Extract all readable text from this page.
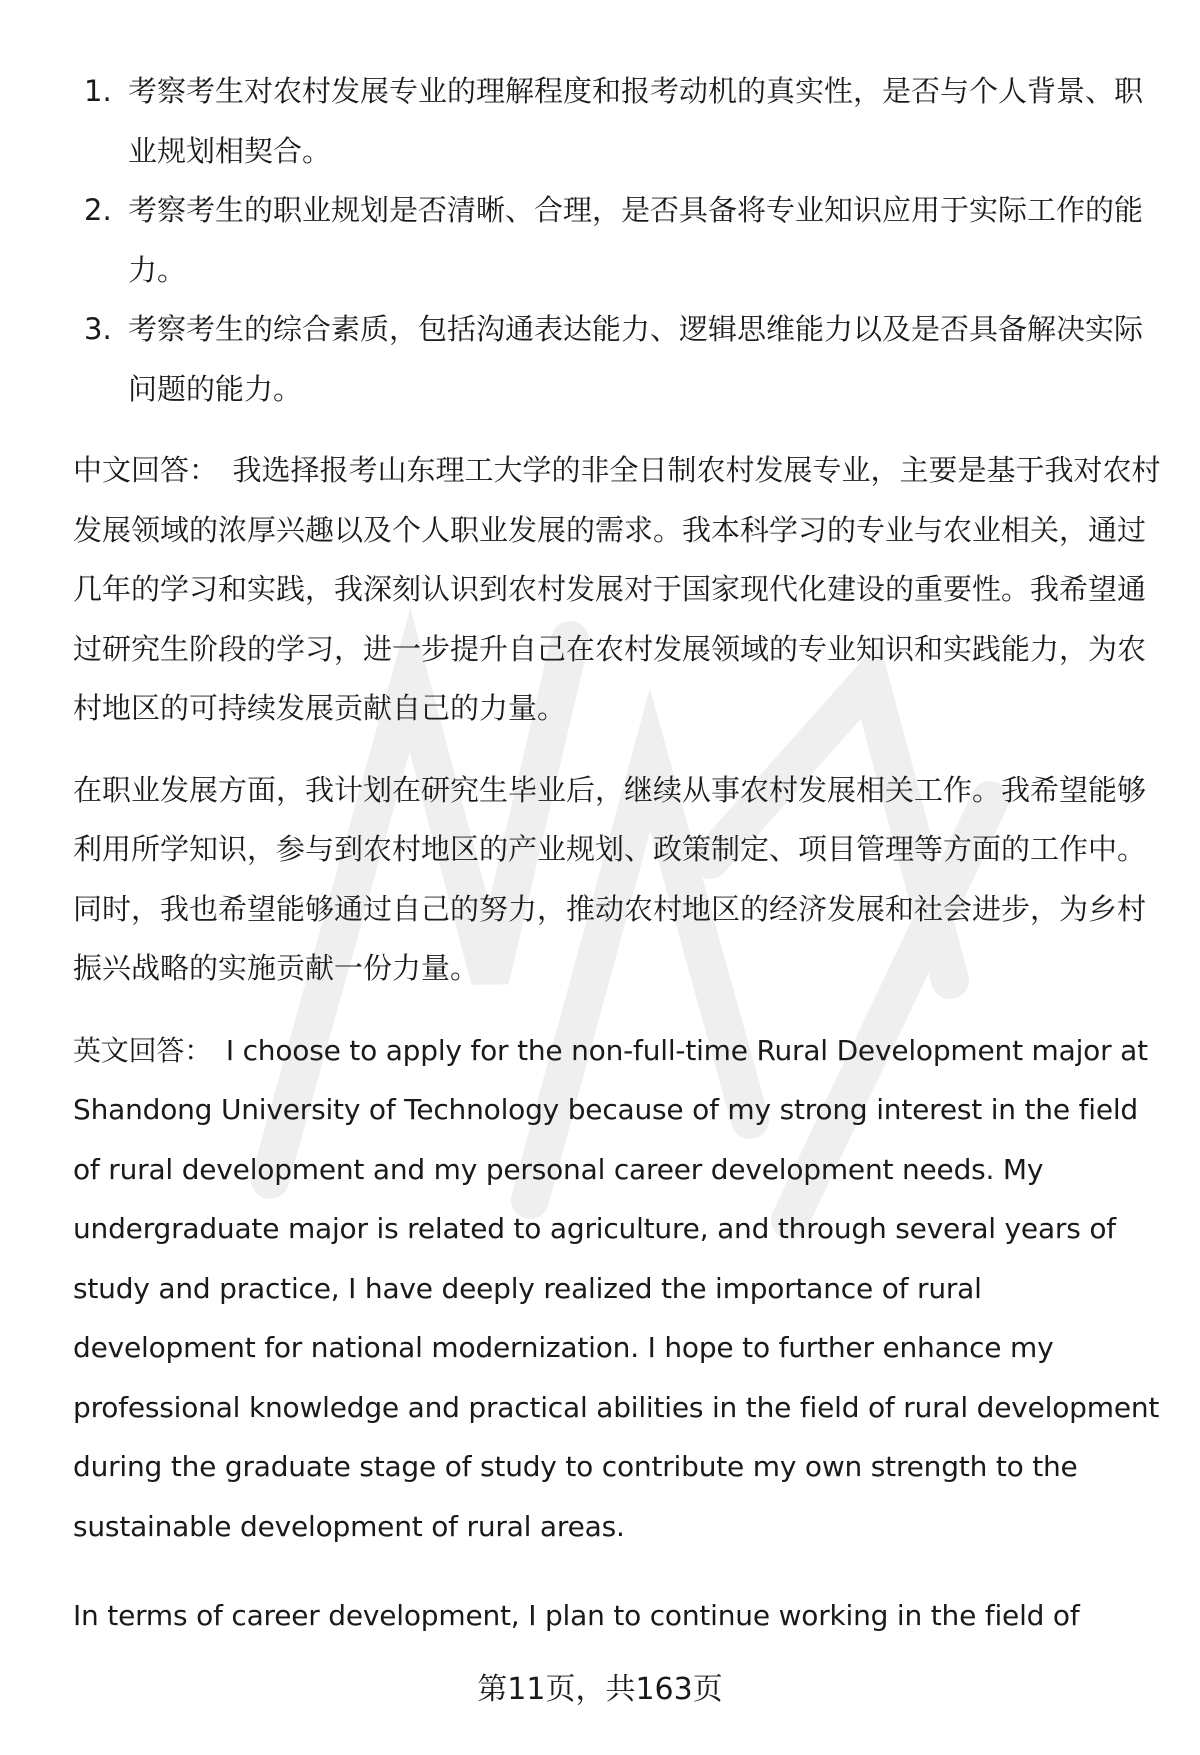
1. 考察考生对农村发展专业的理解程度和报考动机的真实性，是否与个人背景、职业规划相契合。
2. 考察考生的职业规划是否清晰、合理，是否具备将专业知识应用于实际工作的能力。
3. 考察考生的综合素质，包括沟通表达能力、逻辑思维能力以及是否具备解决实际问题的能力。

中文回答：  我选择报考山东理工大学的非全日制农村发展专业，主要是基于我对农村发展领域的浓厚兴趣以及个人职业发展的需求。我本科学习的专业与农业相关，通过几年的学习和实践，我深刻认识到农村发展对于国家现代化建设的重要性。我希望通过研究生阶段的学习，进一步提升自己在农村发展领域的专业知识和实践能力，为农村地区的可持续发展贡献自己的力量。

在职业发展方面，我计划在研究生毕业后，继续从事农村发展相关工作。我希望能够利用所学知识，参与到农村地区的产业规划、政策制定、项目管理等方面的工作中。同时，我也希望能够通过自己的努力，推动农村地区的经济发展和社会进步，为乡村振兴战略的实施贡献一份力量。

英文回答：  I choose to apply for the non-full-time Rural Development major at Shandong University of Technology because of my strong interest in the field of rural development and my personal career development needs. My undergraduate major is related to agriculture, and through several years of study and practice, I have deeply realized the importance of rural development for national modernization. I hope to further enhance my professional knowledge and practical abilities in the field of rural development during the graduate stage of study to contribute my own strength to the sustainable development of rural areas.

In terms of career development, I plan to continue working in the field of

第11页，共163页
